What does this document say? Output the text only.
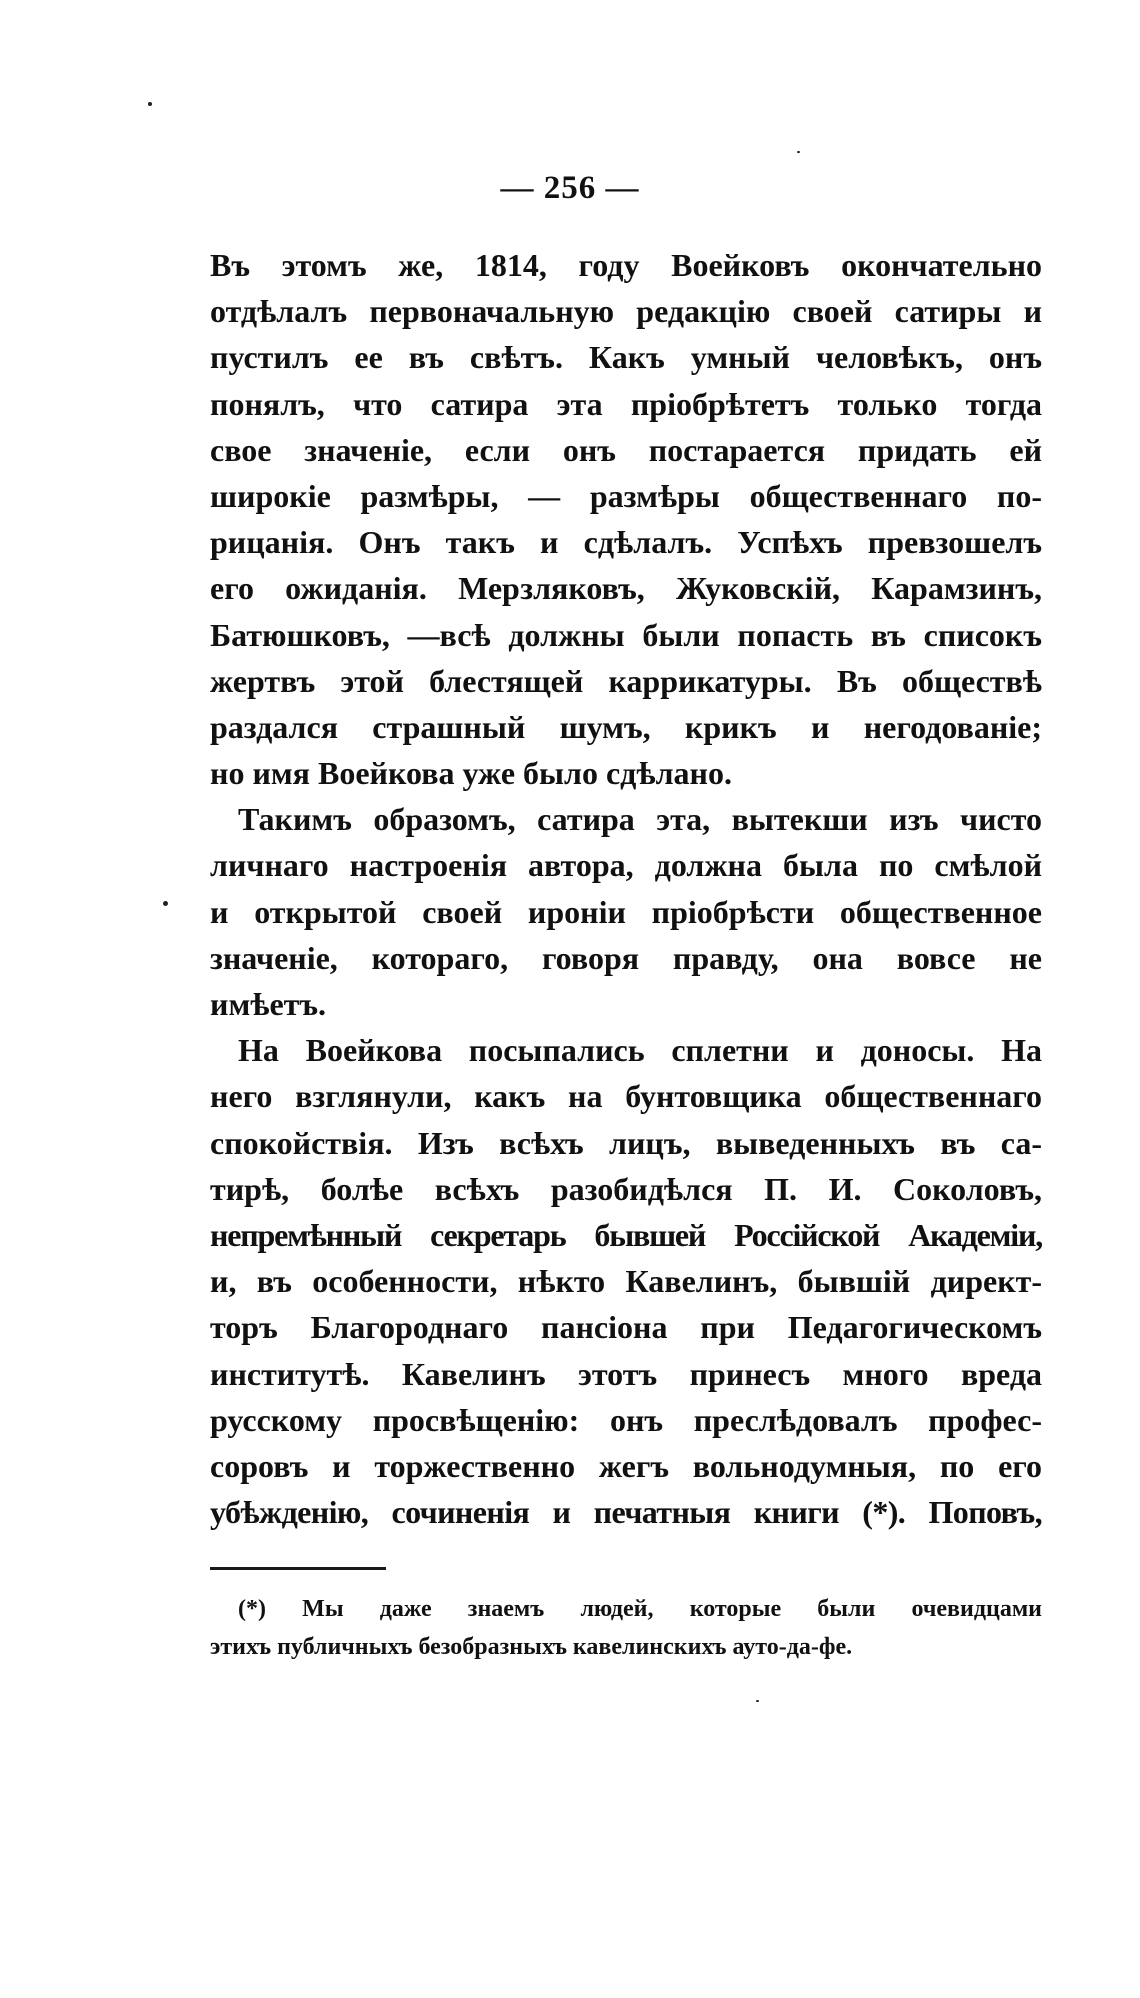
— 256 —
Въ этомъ же, 1814, году Воейковъ окончательно
отдѣлалъ первоначальную редакцію своей сатиры и
пустилъ ее въ свѣтъ. Какъ умный человѣкъ, онъ
понялъ, что сатира эта пріобрѣтетъ только тогда
свое значеніе, если онъ постарается придать ей
широкіе размѣры, — размѣры общественнаго по-
рицанія. Онъ такъ и сдѣлалъ. Успѣхъ превзошелъ
его ожиданія. Мерзляковъ, Жуковскій, Карамзинъ,
Батюшковъ, —всѣ должны были попасть въ списокъ
жертвъ этой блестящей каррикатуры. Въ обществѣ
раздался страшный шумъ, крикъ и негодованіе;
но имя Воейкова уже было сдѣлано.
Такимъ образомъ, сатира эта, вытекши изъ чисто
личнаго настроенія автора, должна была по смѣлой
и открытой своей ироніи пріобрѣсти общественное
значеніе, котораго, говоря правду, она вовсе не
имѣетъ.
На Воейкова посыпались сплетни и доносы. На
него взглянули, какъ на бунтовщика общественнаго
спокойствія. Изъ всѣхъ лицъ, выведенныхъ въ са-
тирѣ, болѣе всѣхъ разобидѣлся П. И. Соколовъ,
непремѣнный секретарь бывшей Россійской Академіи,
и, въ особенности, нѣкто Кавелинъ, бывшій директ-
торъ Благороднаго пансіона при Педагогическомъ
институтѣ. Кавелинъ этотъ принесъ много вреда
русскому просвѣщенію: онъ преслѣдовалъ профес-
соровъ и торжественно жегъ вольнодумныя, по его
убѣжденію, сочиненія и печатныя книги (*). Поповъ,
(*) Мы даже знаемъ людей, которые были очевидцами
этихъ публичныхъ безобразныхъ кавелинскихъ ауто-да-фе.
